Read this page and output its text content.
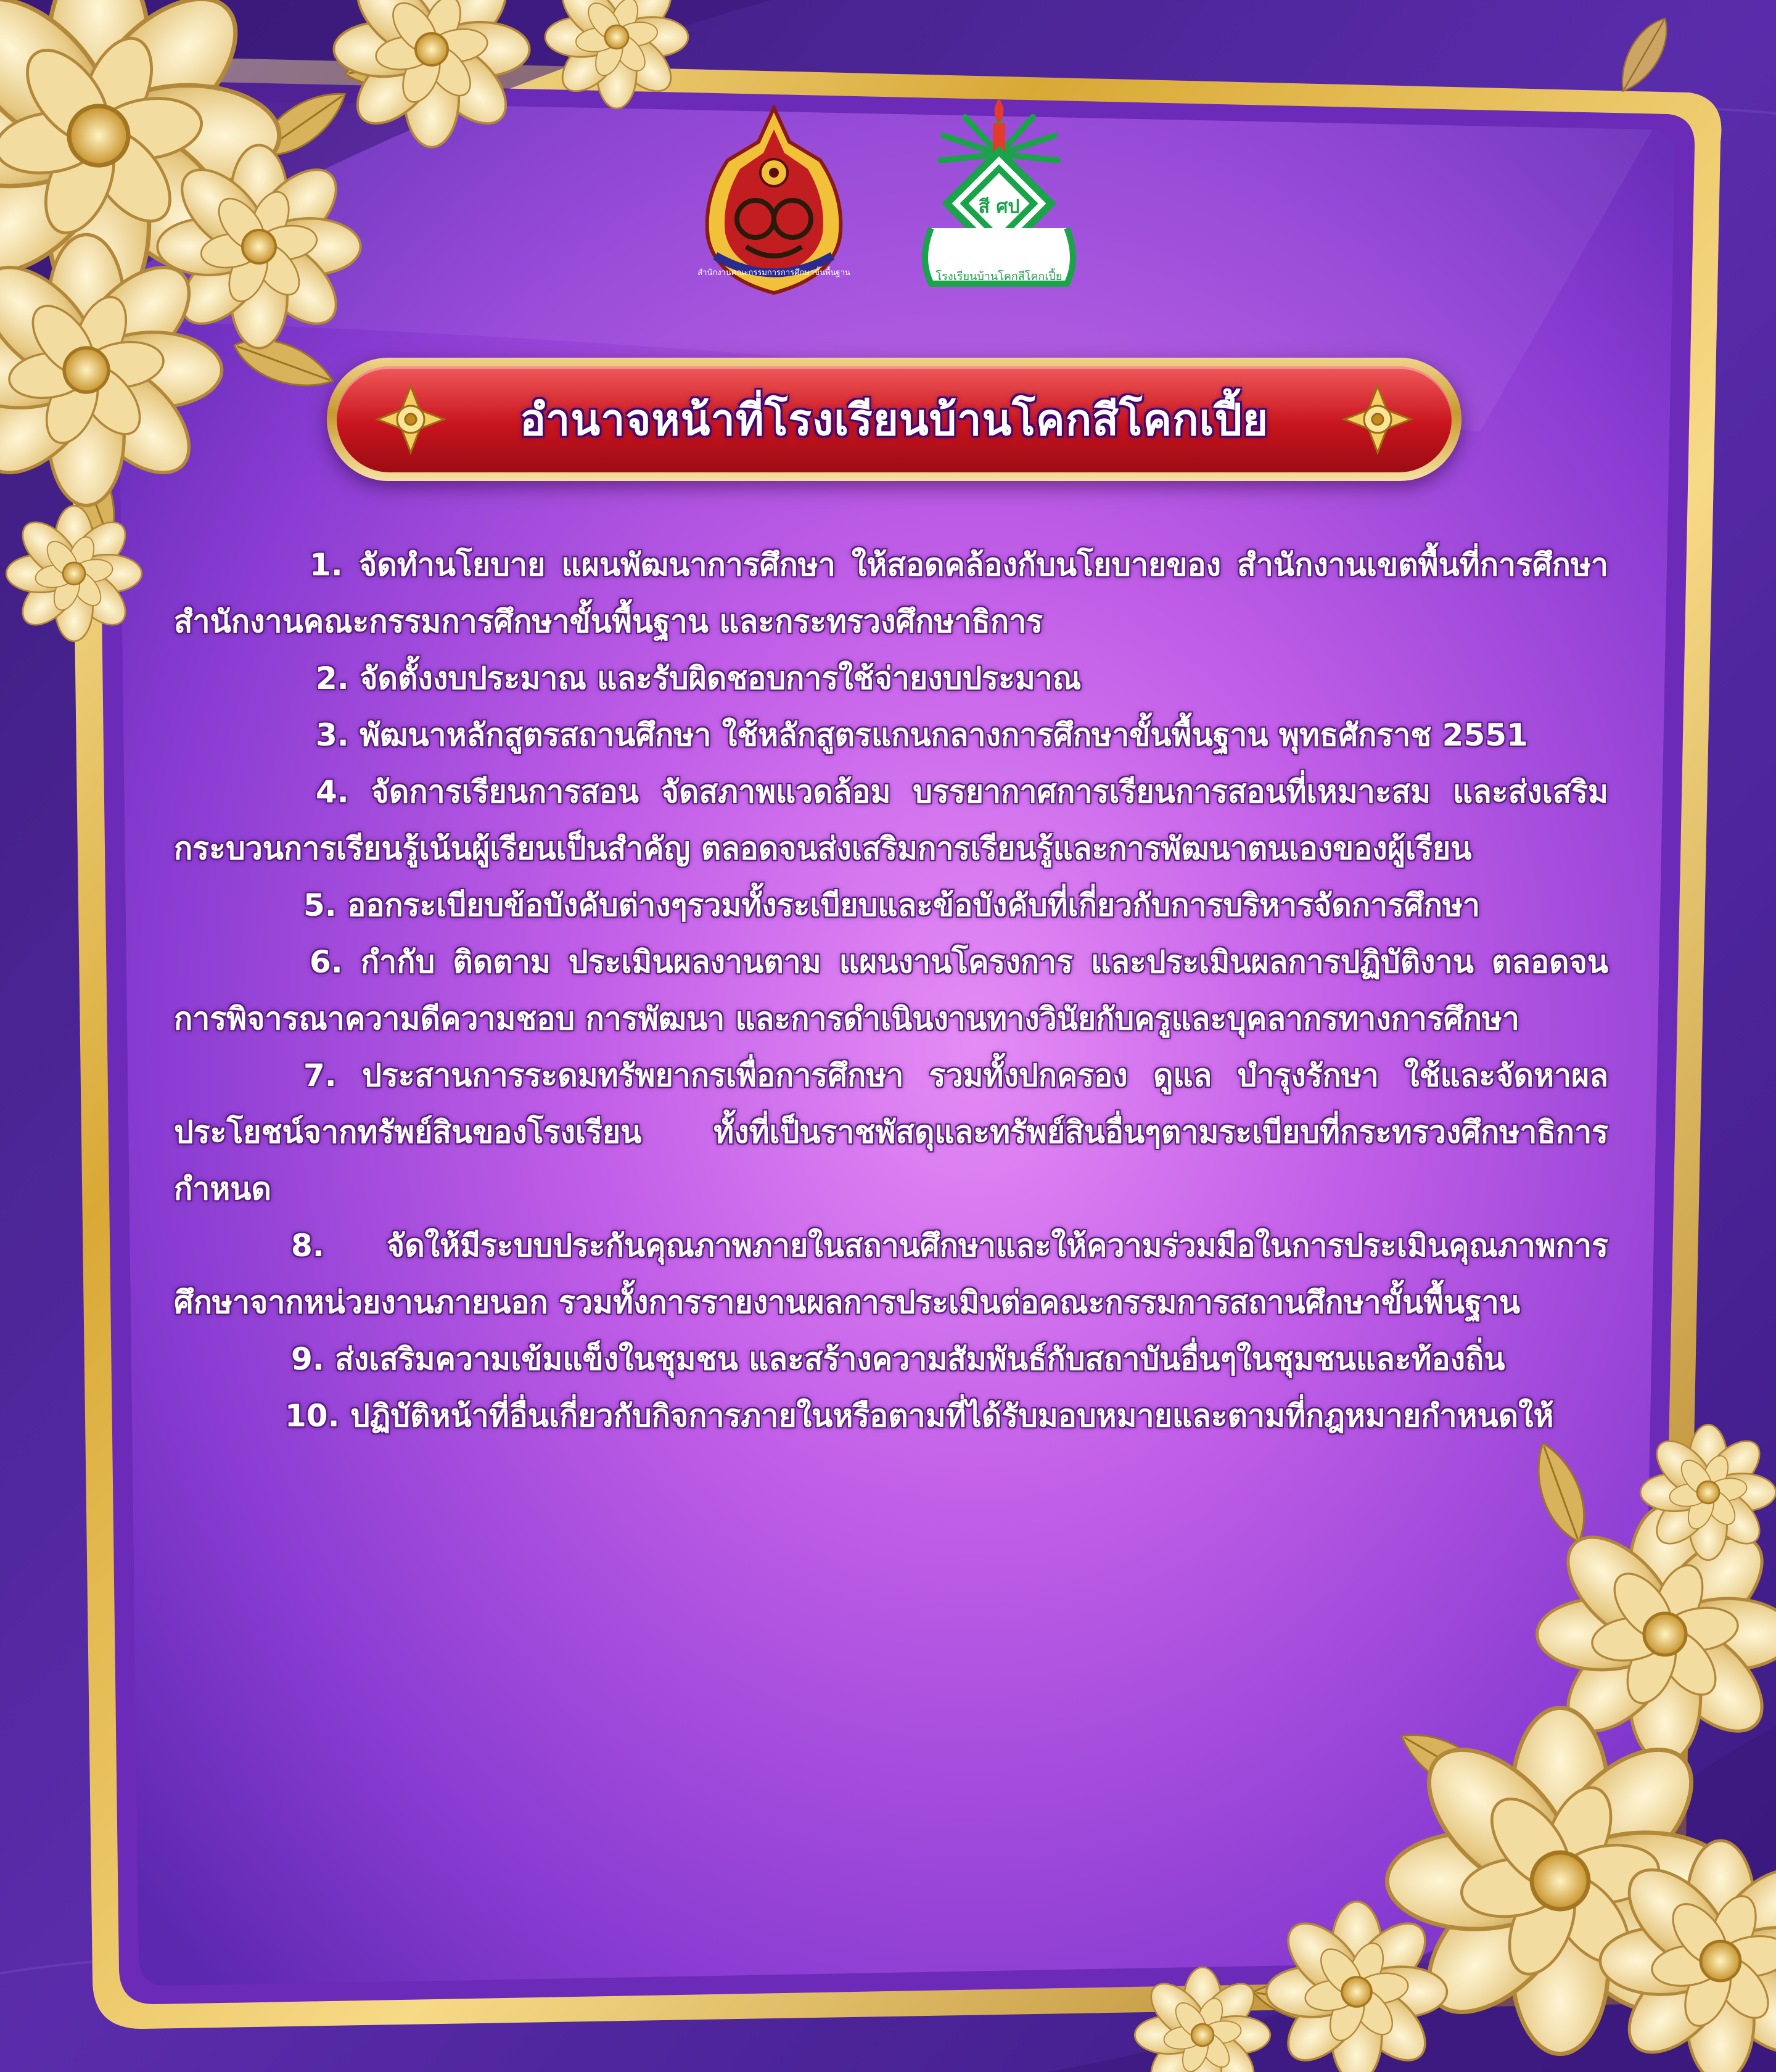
สำนักงานคณะกรรมการการศึกษาขั้นพื้นฐาน
สี ศป
โรงเรียนบ้านโคกสีโคกเปี้ย
อำนาจหน้าที่โรงเรียนบ้านโคกสีโคกเปี้ย

1. จัดทำนโยบาย แผนพัฒนาการศึกษา ให้สอดคล้องกับนโยบายของ สำนักงานเขตพื้นที่การศึกษา สำนักงานคณะกรรมการศึกษาขั้นพื้นฐาน และกระทรวงศึกษาธิการ

2. จัดตั้งงบประมาณ และรับผิดชอบการใช้จ่ายงบประมาณ

3. พัฒนาหลักสูตรสถานศึกษา ใช้หลักสูตรแกนกลางการศึกษาขั้นพื้นฐาน พุทธศักราช 2551

4. จัดการเรียนการสอน จัดสภาพแวดล้อม บรรยากาศการเรียนการสอนที่เหมาะสม และส่งเสริมกระบวนการเรียนรู้เน้นผู้เรียนเป็นสำคัญ ตลอดจนส่งเสริมการเรียนรู้และการพัฒนาตนเองของผู้เรียน

5. ออกระเบียบข้อบังคับต่างๆรวมทั้งระเบียบและข้อบังคับที่เกี่ยวกับการบริหารจัดการศึกษา

6. กำกับ ติดตาม ประเมินผลงานตาม แผนงานโครงการ และประเมินผลการปฏิบัติงาน ตลอดจนการพิจารณาความดีความชอบ การพัฒนา และการดำเนินงานทางวินัยกับครูและบุคลากรทางการศึกษา

7. ประสานการระดมทรัพยากรเพื่อการศึกษา รวมทั้งปกครอง ดูแล บำรุงรักษา ใช้และจัดหาผลประโยชน์จากทรัพย์สินของโรงเรียน ทั้งที่เป็นราชพัสดุและทรัพย์สินอื่นๆตามระเบียบที่กระทรวงศึกษาธิการกำหนด

8. จัดให้มีระบบประกันคุณภาพภายในสถานศึกษาและให้ความร่วมมือในการประเมินคุณภาพการศึกษาจากหน่วยงานภายนอก รวมทั้งการรายงานผลการประเมินต่อคณะกรรมการสถานศึกษาขั้นพื้นฐาน

9. ส่งเสริมความเข้มแข็งในชุมชน และสร้างความสัมพันธ์กับสถาบันอื่นๆในชุมชนและท้องถิ่น

10. ปฏิบัติหน้าที่อื่นเกี่ยวกับกิจการภายในหรือตามที่ได้รับมอบหมายและตามที่กฎหมายกำหนดให้
